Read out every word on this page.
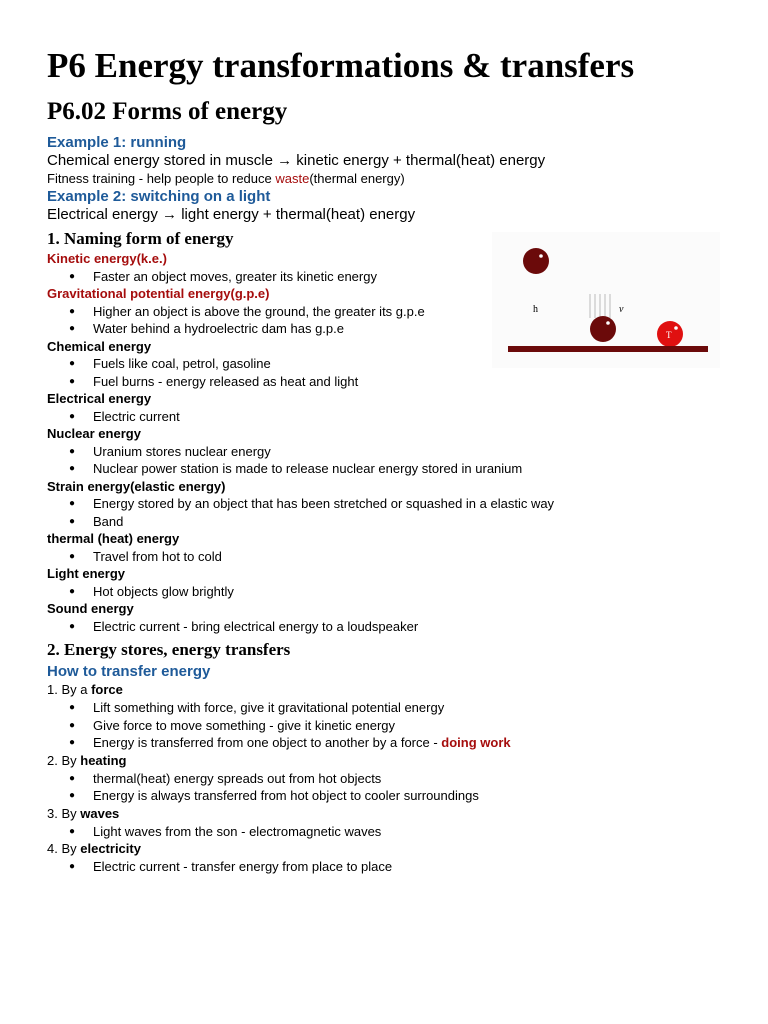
P6 Energy transformations & transfers
P6.02 Forms of energy
Example 1: running
Chemical energy stored in muscle → kinetic energy + thermal(heat) energy
Fitness training - help people to reduce waste(thermal energy)
Example 2: switching on a light
Electrical energy → light energy + thermal(heat) energy
1. Naming form of energy
Kinetic energy(k.e.)
● Faster an object moves, greater its kinetic energy
Gravitational potential energy(g.p.e)
● Higher an object is above the ground, the greater its g.p.e
● Water behind a hydroelectric dam has g.p.e
Chemical energy
● Fuels like coal, petrol, gasoline
● Fuel burns - energy released as heat and light
Electrical energy
● Electric current
Nuclear energy
● Uranium stores nuclear energy
● Nuclear power station is made to release nuclear energy stored in uranium
Strain energy(elastic energy)
● Energy stored by an object that has been stretched or squashed in a elastic way
● Band
thermal (heat) energy
● Travel from hot to cold
Light energy
● Hot objects glow brightly
Sound energy
● Electric current - bring electrical energy to a loudspeaker
2. Energy stores, energy transfers
How to transfer energy
1. By a force
● Lift something with force, give it gravitational potential energy
● Give force to move something - give it kinetic energy
● Energy is transferred from one object to another by a force - doing work
2. By heating
● thermal(heat) energy spreads out from hot objects
● Energy is always transferred from hot object to cooler surroundings
3. By waves
● Light waves from the son - electromagnetic waves
4. By electricity
● Electric current - transfer energy from place to place
h	v
T
